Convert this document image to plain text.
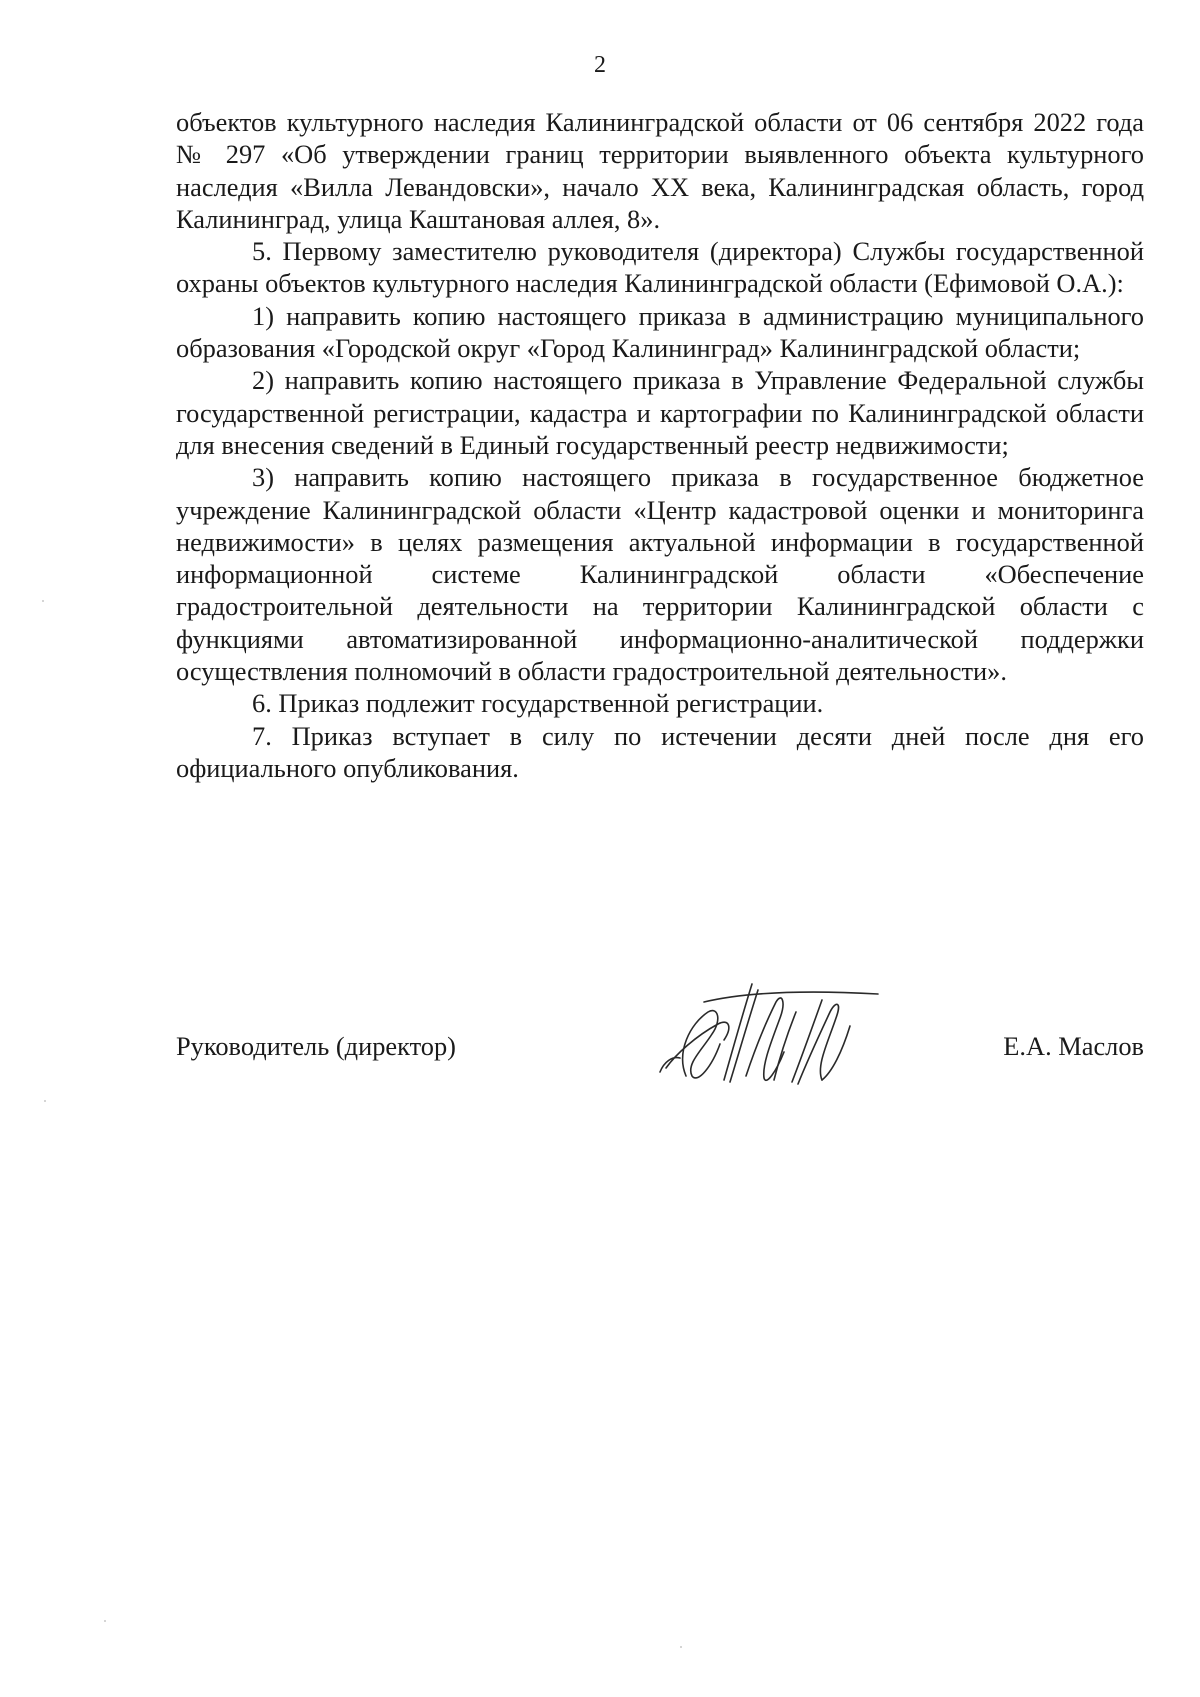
2

объектов культурного наследия Калининградской области от 06 сентября 2022 года № 297 «Об утверждении границ территории выявленного объекта культурного наследия «Вилла Левандовски», начало XX века, Калининградская область, город Калининград, улица Каштановая аллея, 8».

5. Первому заместителю руководителя (директора) Службы государственной охраны объектов культурного наследия Калининградской области (Ефимовой О.А.):

1) направить копию настоящего приказа в администрацию муниципального образования «Городской округ «Город Калининград» Калининградской области;

2) направить копию настоящего приказа в Управление Федеральной службы государственной регистрации, кадастра и картографии по Калининградской области для внесения сведений в Единый государственный реестр недвижимости;

3) направить копию настоящего приказа в государственное бюджетное учреждение Калининградской области «Центр кадастровой оценки и мониторинга недвижимости» в целях размещения актуальной информации в государственной информационной системе Калининградской области «Обеспечение градостроительной деятельности на территории Калининградской области с функциями автоматизированной информационно-аналитической поддержки осуществления полномочий в области градостроительной деятельности».

6. Приказ подлежит государственной регистрации.

7. Приказ вступает в силу по истечении десяти дней после дня его официального опубликования.

Руководитель (директор)	Е.А. Маслов
